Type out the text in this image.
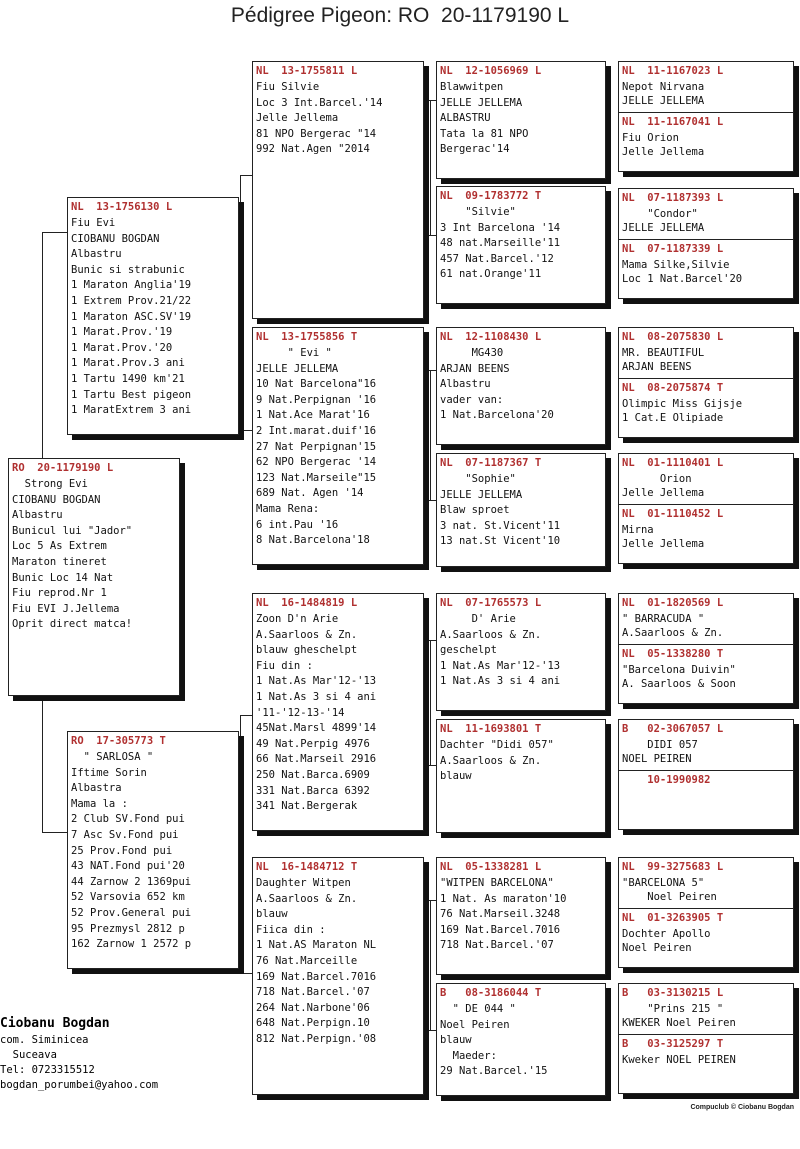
Pédigree Pigeon: RO  20-1179190 L
RO  20-1179190 L
Strong Evi
CIOBANU BOGDAN
Albastru
Bunicul lui "Jador"
Loc 5 As Extrem
Maraton tineret
Bunic Loc 14 Nat
Fiu reprod.Nr 1
Fiu EVI J.Jellema
Oprit direct matca!
NL  13-1756130 L
Fiu Evi
CIOBANU BOGDAN
Albastru
Bunic si strabunic
1 Maraton Anglia'19
1 Extrem Prov.21/22
1 Maraton ASC.SV'19
1 Marat.Prov.'19
1 Marat.Prov.'20
1 Marat.Prov.3 ani
1 Tartu 1490 km'21
1 Tartu Best pigeon
1 MaratExtrem 3 ani
RO  17-305773 T
" SARLOSA "
Iftime Sorin
Albastra
Mama la :
2 Club SV.Fond pui
7 Asc Sv.Fond pui
25 Prov.Fond pui
43 NAT.Fond pui'20
44 Zarnow 2 1369pui
52 Varsovia 652 km
52 Prov.General pui
95 Prezmysl 2812 p
162 Zarnow 1 2572 p
NL  13-1755811 L
Fiu Silvie
Loc 3 Int.Barcel.'14
Jelle Jellema
81 NPO Bergerac "14
992 Nat.Agen "2014
NL  13-1755856 T
" Evi "
JELLE JELLEMA
10 Nat Barcelona"16
9 Nat.Perpignan '16
1 Nat.Ace Marat'16
2 Int.marat.duif'16
27 Nat Perpignan'15
62 NPO Bergerac '14
123 Nat.Marseile"15
689 Nat. Agen '14
Mama Rena:
6 int.Pau '16
8 Nat.Barcelona'18
NL  16-1484819 L
Zoon D'n Arie
A.Saarloos & Zn.
blauw gheschelpt
Fiu din :
1 Nat.As Mar'12-'13
1 Nat.As 3 si 4 ani
'11-'12-13-'14
45Nat.Marsl 4899'14
49 Nat.Perpig 4976
66 Nat.Marseil 2916
250 Nat.Barca.6909
331 Nat.Barca 6392
341 Nat.Bergerak
NL  16-1484712 T
Daughter Witpen
A.Saarloos & Zn.
blauw
Fiica din :
1 Nat.AS Maraton NL
76 Nat.Marceille
169 Nat.Barcel.7016
718 Nat.Barcel.'07
264 Nat.Narbone'06
648 Nat.Perpign.10
812 Nat.Perpign.'08
NL  12-1056969 L
Blawwitpen
JELLE JELLEMA
ALBASTRU
Tata la 81 NPO
Bergerac'14
NL  09-1783772 T
"Silvie"
3 Int Barcelona '14
48 nat.Marseille'11
457 Nat.Barcel.'12
61 nat.Orange'11
NL  12-1108430 L
MG430
ARJAN BEENS
Albastru
vader van:
1 Nat.Barcelona'20
NL  07-1187367 T
"Sophie"
JELLE JELLEMA
Blaw sproet
3 nat. St.Vicent'11
13 nat.St Vicent'10
NL  07-1765573 L
D' Arie
A.Saarloos & Zn.
geschelpt
1 Nat.As Mar'12-'13
1 Nat.As 3 si 4 ani
NL  11-1693801 T
Dachter "Didi 057"
A.Saarloos & Zn.
blauw
NL  05-1338281 L
"WITPEN BARCELONA"
1 Nat. As maraton'10
76 Nat.Marseil.3248
169 Nat.Barcel.7016
718 Nat.Barcel.'07
B   08-3186044 T
" DE 044 "
Noel Peiren
blauw
Maeder:
29 Nat.Barcel.'15
NL  11-1167023 L
Nepot Nirvana
JELLE JELLEMA
NL  11-1167041 L
Fiu Orion
Jelle Jellema
NL  07-1187393 L
"Condor"
JELLE JELLEMA
NL  07-1187339 L
Mama Silke,Silvie
Loc 1 Nat.Barcel'20
NL  08-2075830 L
MR. BEAUTIFUL
ARJAN BEENS
NL  08-2075874 T
Olimpic Miss Gijsje
1 Cat.E Olipiade
NL  01-1110401 L
Orion
Jelle Jellema
NL  01-1110452 L
Mirna
Jelle Jellema
NL  01-1820569 L
" BARRACUDA "
A.Saarloos & Zn.
NL  05-1338280 T
"Barcelona Duivin"
A. Saarloos & Soon
B   02-3067057 L
DIDI 057
NOEL PEIREN
10-1990982
NL  99-3275683 L
"BARCELONA 5"
Noel Peiren
NL  01-3263905 T
Dochter Apollo
Noel Peiren
B   03-3130215 L
"Prins 215 "
KWEKER Noel Peiren
B   03-3125297 T
Kweker NOEL PEIREN
Ciobanu Bogdan
com. Siminicea
Suceava
Tel: 0723315512
bogdan_porumbei@yahoo.com
Compuclub © Ciobanu Bogdan
